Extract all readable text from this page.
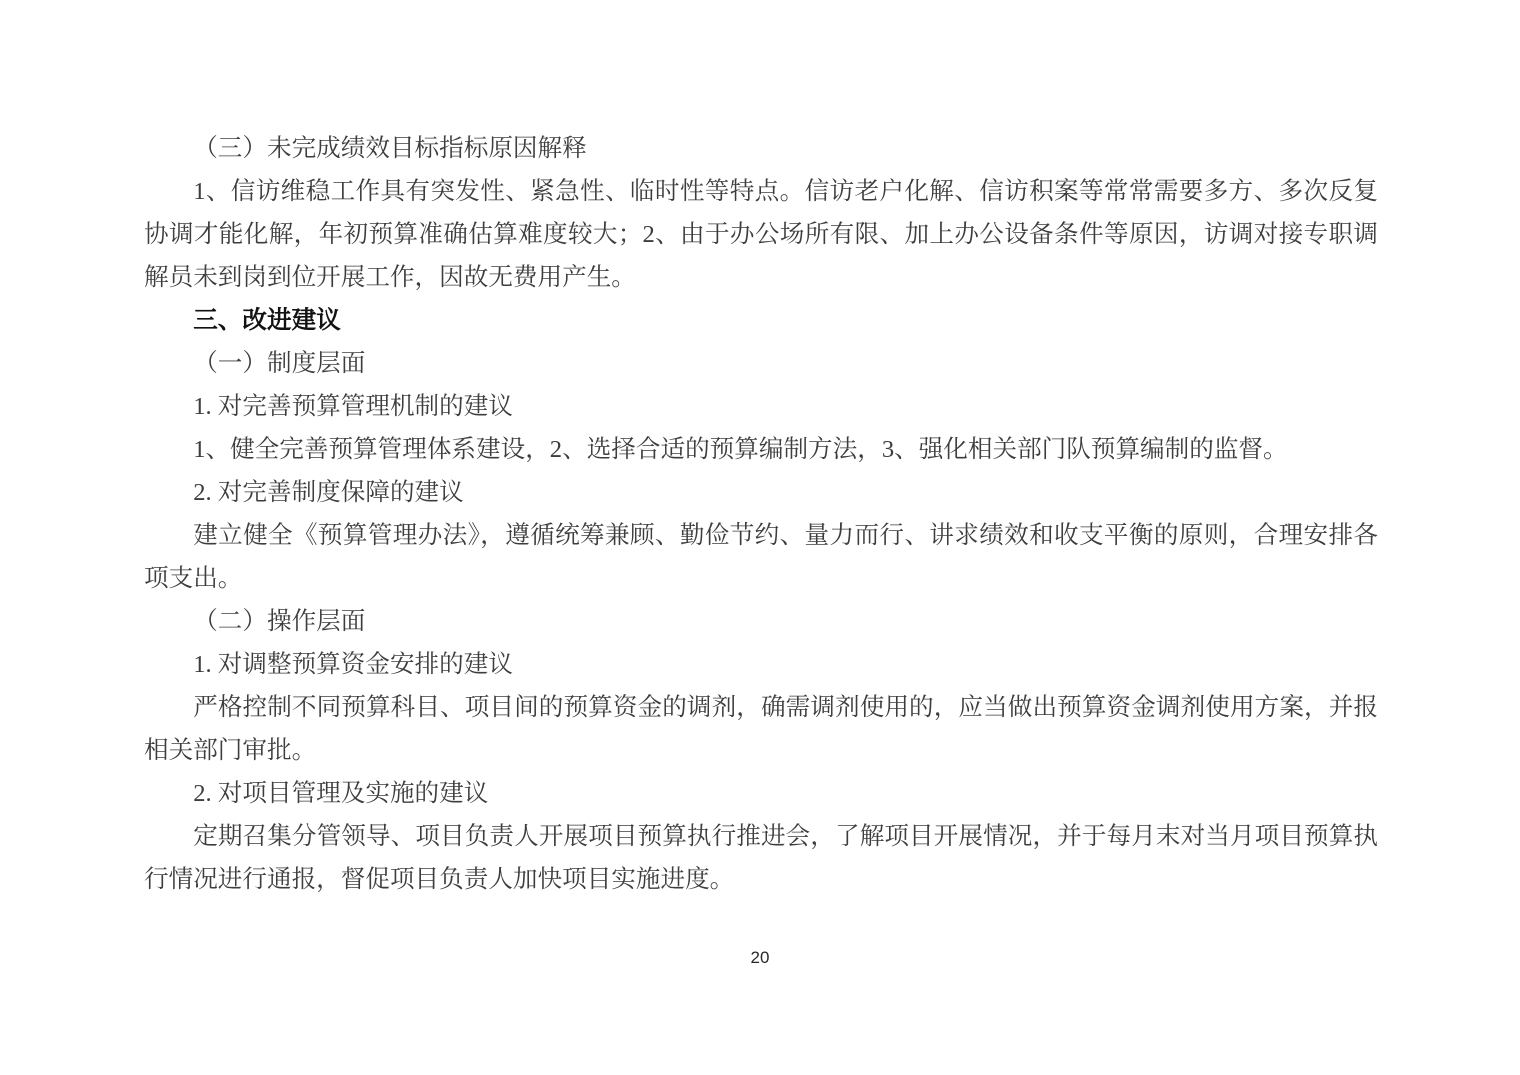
（三）未完成绩效目标指标原因解释

1、信访维稳工作具有突发性、紧急性、临时性等特点。信访老户化解、信访积案等常常需要多方、多次反复协调才能化解，年初预算准确估算难度较大；2、由于办公场所有限、加上办公设备条件等原因，访调对接专职调解员未到岗到位开展工作，因故无费用产生。

三、改进建议

（一）制度层面

1. 对完善预算管理机制的建议

1、健全完善预算管理体系建设，2、选择合适的预算编制方法，3、强化相关部门队预算编制的监督。

2. 对完善制度保障的建议

建立健全《预算管理办法》，遵循统筹兼顾、勤俭节约、量力而行、讲求绩效和收支平衡的原则，合理安排各项支出。

（二）操作层面

1. 对调整预算资金安排的建议

严格控制不同预算科目、项目间的预算资金的调剂，确需调剂使用的，应当做出预算资金调剂使用方案，并报相关部门审批。

2. 对项目管理及实施的建议

定期召集分管领导、项目负责人开展项目预算执行推进会，了解项目开展情况，并于每月末对当月项目预算执行情况进行通报，督促项目负责人加快项目实施进度。

20
